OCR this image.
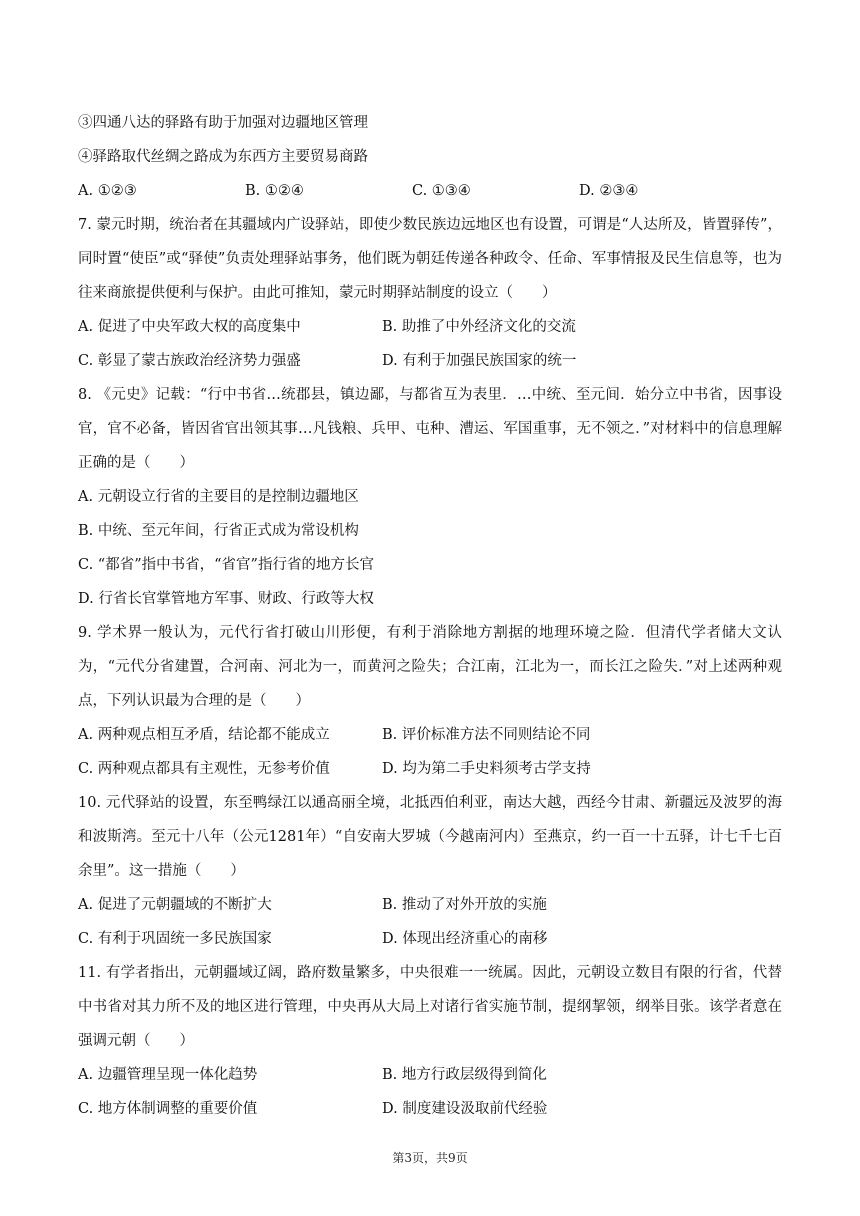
③四通八达的驿路有助于加强对边疆地区管理
④驿路取代丝绸之路成为东西方主要贸易商路
A. ①②③	B. ①②④	C. ①③④	D. ②③④
7. 蒙元时期，统治者在其疆域内广设驿站，即使少数民族边远地区也有设置，可谓是“人达所及，皆置驿传”，同时置“使臣”或“驿使”负责处理驿站事务，他们既为朝廷传递各种政令、任命、军事情报及民生信息等，也为往来商旅提供便利与保护。由此可推知，蒙元时期驿站制度的设立（　　）
A. 促进了中央军政大权的高度集中	B. 助推了中外经济文化的交流
C. 彰显了蒙古族政治经济势力强盛	D. 有利于加强民族国家的统一
8. 《元史》记载：“行中书省…统郡县，镇边鄙，与都省互为表里．…中统、至元间．始分立中书省，因事设官，官不必备，皆因省官出领其事…凡钱粮、兵甲、屯种、漕运、军国重事，无不领之．”对材料中的信息理解正确的是（　　）
A. 元朝设立行省的主要目的是控制边疆地区
B. 中统、至元年间，行省正式成为常设机构
C. “都省”指中书省，“省官”指行省的地方长官
D. 行省长官掌管地方军事、财政、行政等大权
9. 学术界一般认为，元代行省打破山川形便，有利于消除地方割据的地理环境之险．但清代学者储大文认为，“元代分省建置，合河南、河北为一，而黄河之险失；合江南，江北为一，而长江之险失．”对上述两种观点，下列认识最为合理的是（　　）
A. 两种观点相互矛盾，结论都不能成立	B. 评价标准方法不同则结论不同
C. 两种观点都具有主观性，无参考价值	D. 均为第二手史料须考古学支持
10. 元代驿站的设置，东至鸭绿江以通高丽全境，北抵西伯利亚，南达大越，西经今甘肃、新疆远及波罗的海和波斯湾。至元十八年（公元1281年）“自安南大罗城（今越南河内）至燕京，约一百一十五驿，计七千七百余里”。这一措施（　　）
A. 促进了元朝疆域的不断扩大	B. 推动了对外开放的实施
C. 有利于巩固统一多民族国家	D. 体现出经济重心的南移
11. 有学者指出，元朝疆域辽阔，路府数量繁多，中央很难一一统属。因此，元朝设立数目有限的行省，代替中书省对其力所不及的地区进行管理，中央再从大局上对诸行省实施节制，提纲挈领，纲举目张。该学者意在强调元朝（　　）
A. 边疆管理呈现一体化趋势	B. 地方行政层级得到简化
C. 地方体制调整的重要价值	D. 制度建设汲取前代经验
第3页，共9页
